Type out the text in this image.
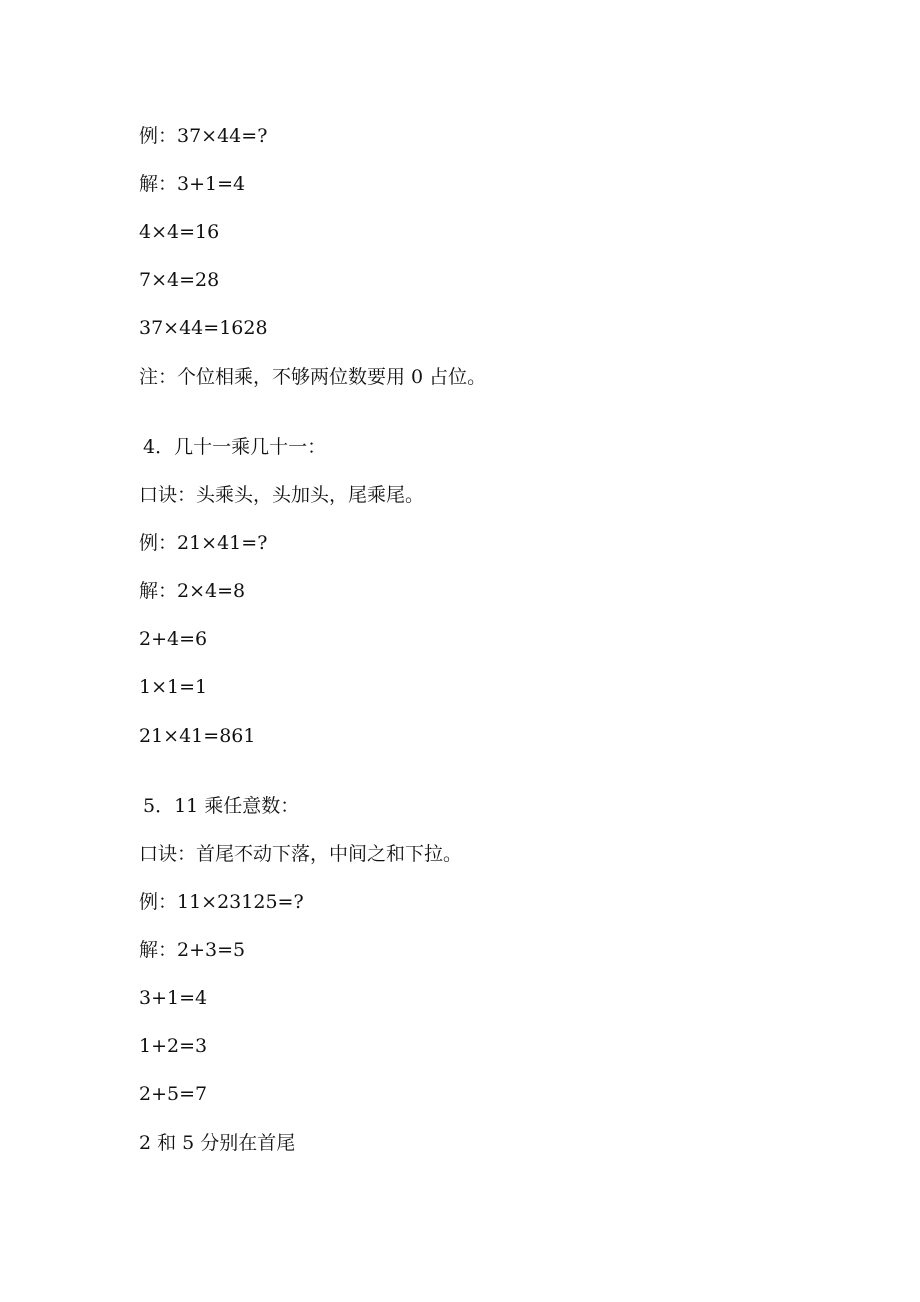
例：37×44=?
解：3+1=4
4×4=16
7×4=28
37×44=1628
注：个位相乘，不够两位数要用 0 占位。
4．几十一乘几十一：
口诀：头乘头，头加头，尾乘尾。
例：21×41=?
解：2×4=8
2+4=6
1×1=1
21×41=861
5．11 乘任意数：
口诀：首尾不动下落，中间之和下拉。
例：11×23125=?
解：2+3=5
3+1=4
1+2=3
2+5=7
2 和 5 分别在首尾
